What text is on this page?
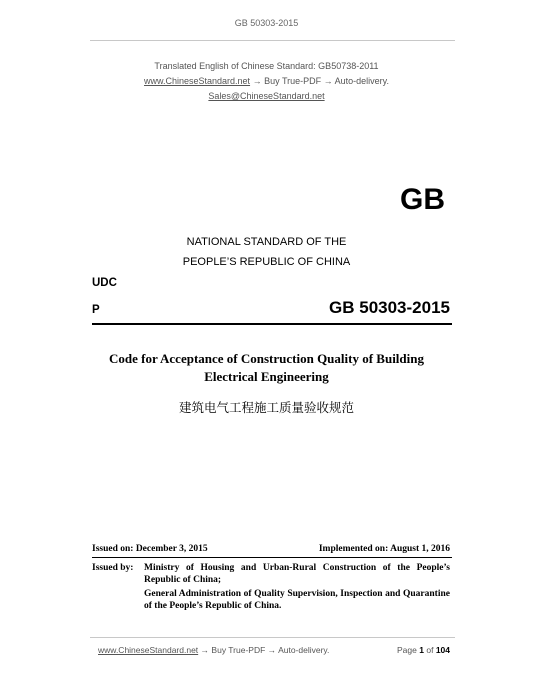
GB 50303-2015
Translated English of Chinese Standard: GB50738-2011
www.ChineseStandard.net → Buy True-PDF → Auto-delivery.
Sales@ChineseStandard.net
GB
NATIONAL STANDARD OF THE
PEOPLE’S REPUBLIC OF CHINA
UDC
P	GB 50303-2015
Code for Acceptance of Construction Quality of Building
Electrical Engineering
建筑电气工程施工质量验收规范
Issued on: December 3, 2015	Implemented on: August 1, 2016
Issued by: Ministry of Housing and Urban-Rural Construction of the People’s Republic of China;

General Administration of Quality Supervision, Inspection and Quarantine of the People’s Republic of China.

www.ChineseStandard.net → Buy True-PDF → Auto-delivery.	Page 1 of 104
